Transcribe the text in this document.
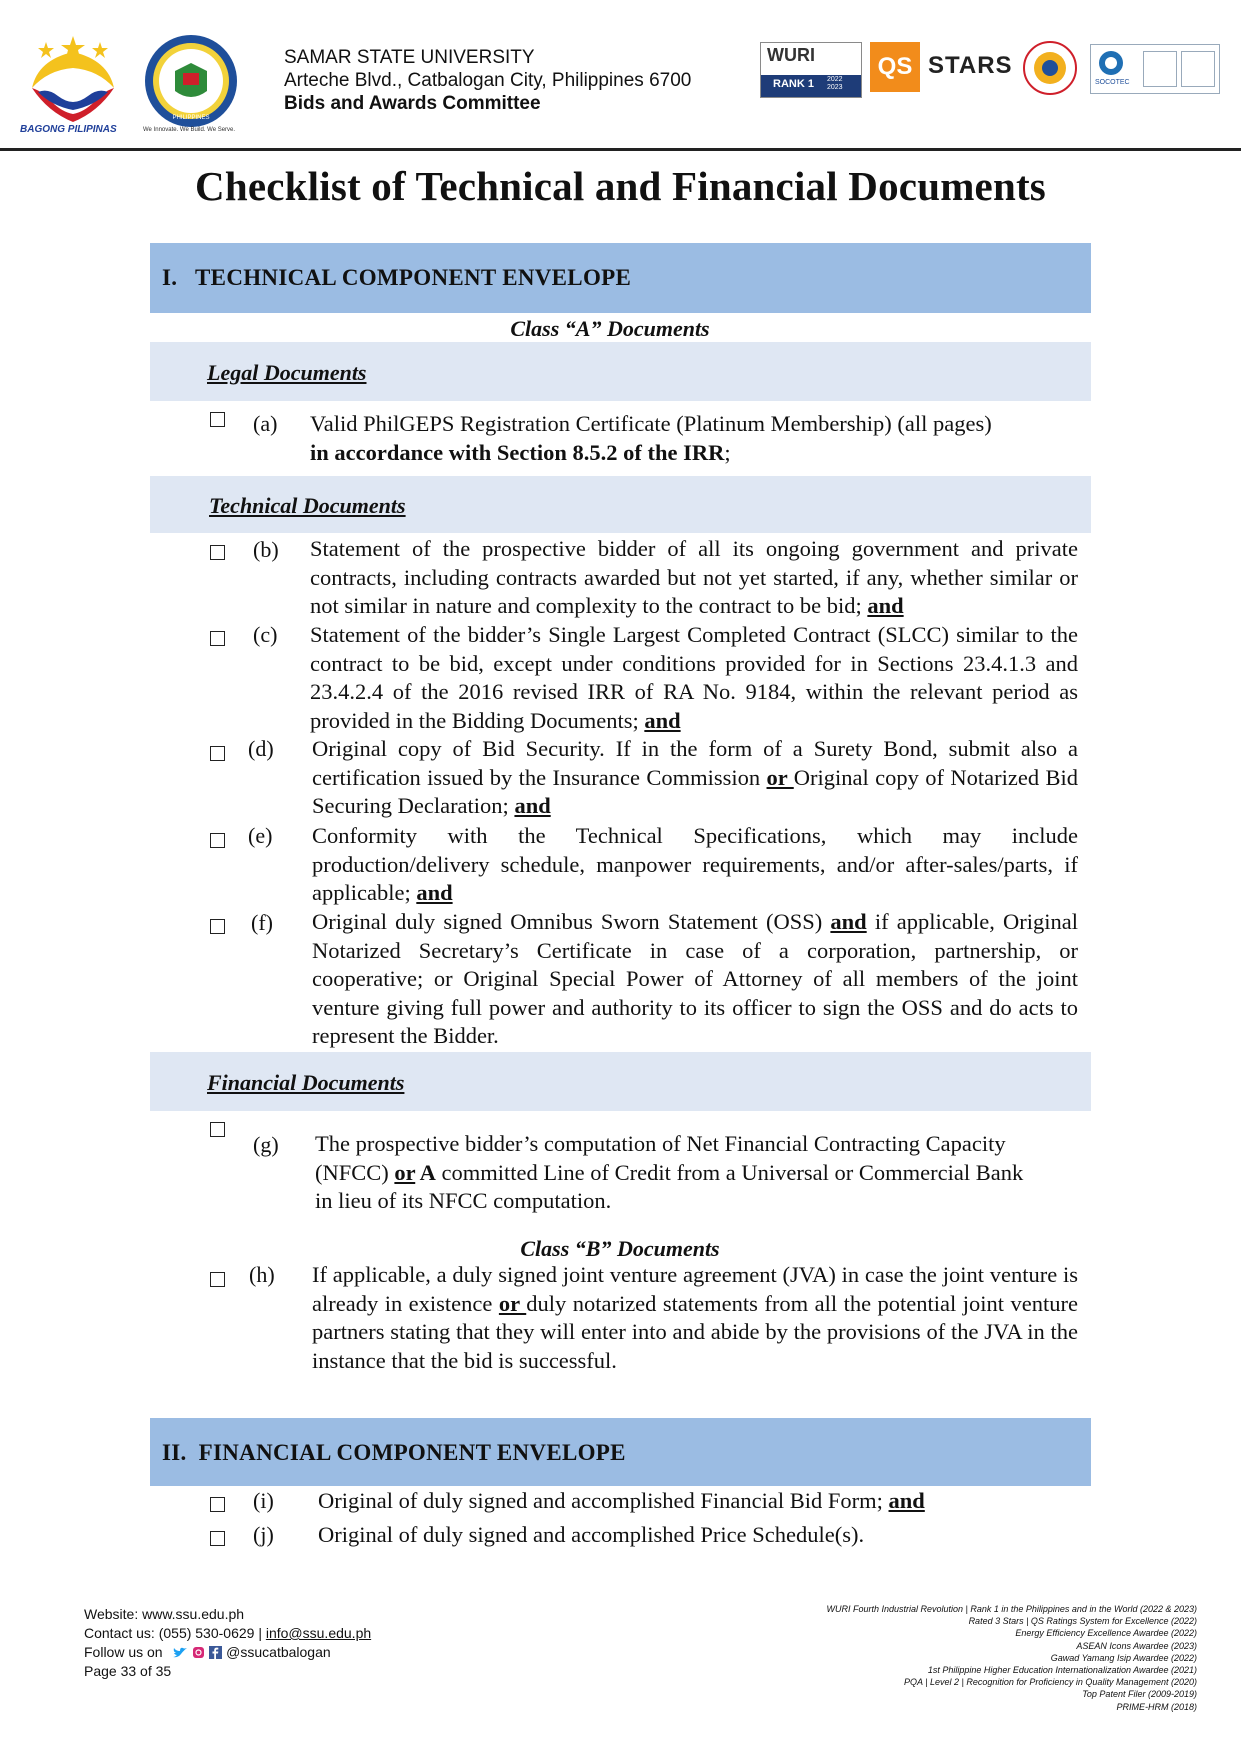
BAGONG PILIPINAS
PHILIPPINES
We Innovate. We Build. We Serve.
SAMAR STATE UNIVERSITY
Arteche Blvd., Catbalogan City, Philippines 6700
Bids and Awards Committee
WURI
RANK 1 2022 2023
QS STARS
SOCOTEC
Checklist of Technical and Financial Documents
I.   TECHNICAL COMPONENT ENVELOPE
Class “A” Documents
Legal Documents
(a) Valid PhilGEPS Registration Certificate (Platinum Membership) (all pages)
in accordance with Section 8.5.2 of the IRR;
Technical Documents
(b) Statement of the prospective bidder of all its ongoing government and private contracts, including contracts awarded but not yet started, if any, whether similar or not similar in nature and complexity to the contract to be bid; and
(c) Statement of the bidder’s Single Largest Completed Contract (SLCC) similar to the contract to be bid, except under conditions provided for in Sections 23.4.1.3 and 23.4.2.4 of the 2016 revised IRR of RA No. 9184, within the relevant period as provided in the Bidding Documents; and
(d) Original copy of Bid Security. If in the form of a Surety Bond, submit also a certification issued by the Insurance Commission or Original copy of Notarized Bid Securing Declaration; and
(e) Conformity with the Technical Specifications, which may include production/delivery schedule, manpower requirements, and/or after-sales/parts, if applicable; and
(f) Original duly signed Omnibus Sworn Statement (OSS) and if applicable, Original Notarized Secretary’s Certificate in case of a corporation, partnership, or cooperative; or Original Special Power of Attorney of all members of the joint venture giving full power and authority to its officer to sign the OSS and do acts to represent the Bidder.
Financial Documents
(g) The prospective bidder’s computation of Net Financial Contracting Capacity (NFCC) or A committed Line of Credit from a Universal or Commercial Bank in lieu of its NFCC computation.
Class “B” Documents
(h) If applicable, a duly signed joint venture agreement (JVA) in case the joint venture is already in existence or duly notarized statements from all the potential joint venture partners stating that they will enter into and abide by the provisions of the JVA in the instance that the bid is successful.
II.  FINANCIAL COMPONENT ENVELOPE
(i) Original of duly signed and accomplished Financial Bid Form; and
(j) Original of duly signed and accomplished Price Schedule(s).
Website: www.ssu.edu.ph
Contact us: (055) 530-0629 | info@ssu.edu.ph
Follow us on	@ssucatbalogan
Page 33 of 35
WURI Fourth Industrial Revolution | Rank 1 in the Philippines and in the World (2022 & 2023)
Rated 3 Stars | QS Ratings System for Excellence (2022)
Energy Efficiency Excellence Awardee (2022)
ASEAN Icons Awardee (2023)
Gawad Yamang Isip Awardee (2022)
1st Philippine Higher Education Internationalization Awardee (2021)
PQA | Level 2 | Recognition for Proficiency in Quality Management (2020)
Top Patent Filer (2009-2019)
PRIME-HRM (2018)
